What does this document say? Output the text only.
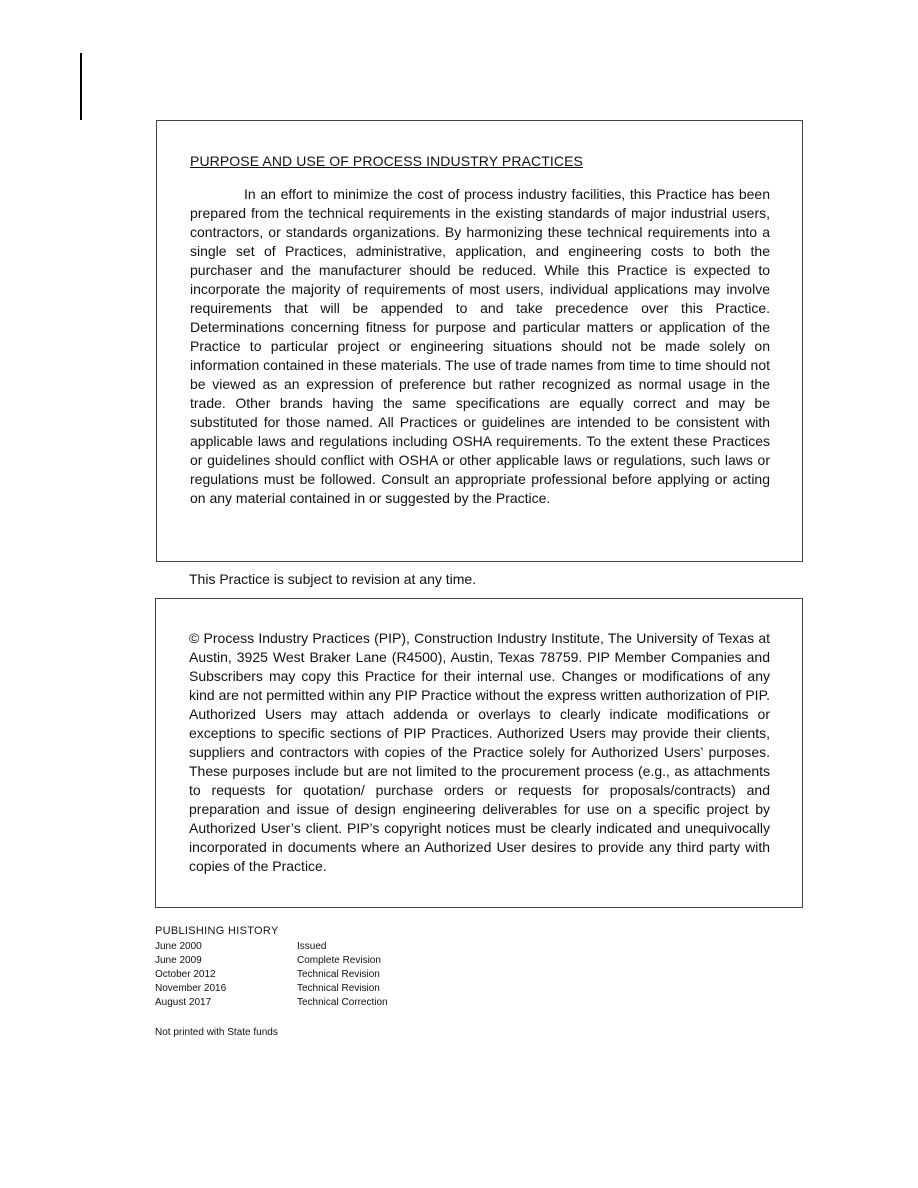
PURPOSE AND USE OF PROCESS INDUSTRY PRACTICES

In an effort to minimize the cost of process industry facilities, this Practice has been prepared from the technical requirements in the existing standards of major industrial users, contractors, or standards organizations. By harmonizing these technical requirements into a single set of Practices, administrative, application, and engineering costs to both the purchaser and the manufacturer should be reduced. While this Practice is expected to incorporate the majority of requirements of most users, individual applications may involve requirements that will be appended to and take precedence over this Practice. Determinations concerning fitness for purpose and particular matters or application of the Practice to particular project or engineering situations should not be made solely on information contained in these materials. The use of trade names from time to time should not be viewed as an expression of preference but rather recognized as normal usage in the trade. Other brands having the same specifications are equally correct and may be substituted for those named. All Practices or guidelines are intended to be consistent with applicable laws and regulations including OSHA requirements. To the extent these Practices or guidelines should conflict with OSHA or other applicable laws or regulations, such laws or regulations must be followed. Consult an appropriate professional before applying or acting on any material contained in or suggested by the Practice.

This Practice is subject to revision at any time.

© Process Industry Practices (PIP), Construction Industry Institute, The University of Texas at Austin, 3925 West Braker Lane (R4500), Austin, Texas 78759. PIP Member Companies and Subscribers may copy this Practice for their internal use. Changes or modifications of any kind are not permitted within any PIP Practice without the express written authorization of PIP. Authorized Users may attach addenda or overlays to clearly indicate modifications or exceptions to specific sections of PIP Practices. Authorized Users may provide their clients, suppliers and contractors with copies of the Practice solely for Authorized Users’ purposes. These purposes include but are not limited to the procurement process (e.g., as attachments to requests for quotation/ purchase orders or requests for proposals/contracts) and preparation and issue of design engineering deliverables for use on a specific project by Authorized User’s client. PIP’s copyright notices must be clearly indicated and unequivocally incorporated in documents where an Authorized User desires to provide any third party with copies of the Practice.

PUBLISHING HISTORY
June 2000	Issued
June 2009	Complete Revision
October 2012	Technical Revision
November 2016	Technical Revision
August 2017	Technical Correction

Not printed with State funds
